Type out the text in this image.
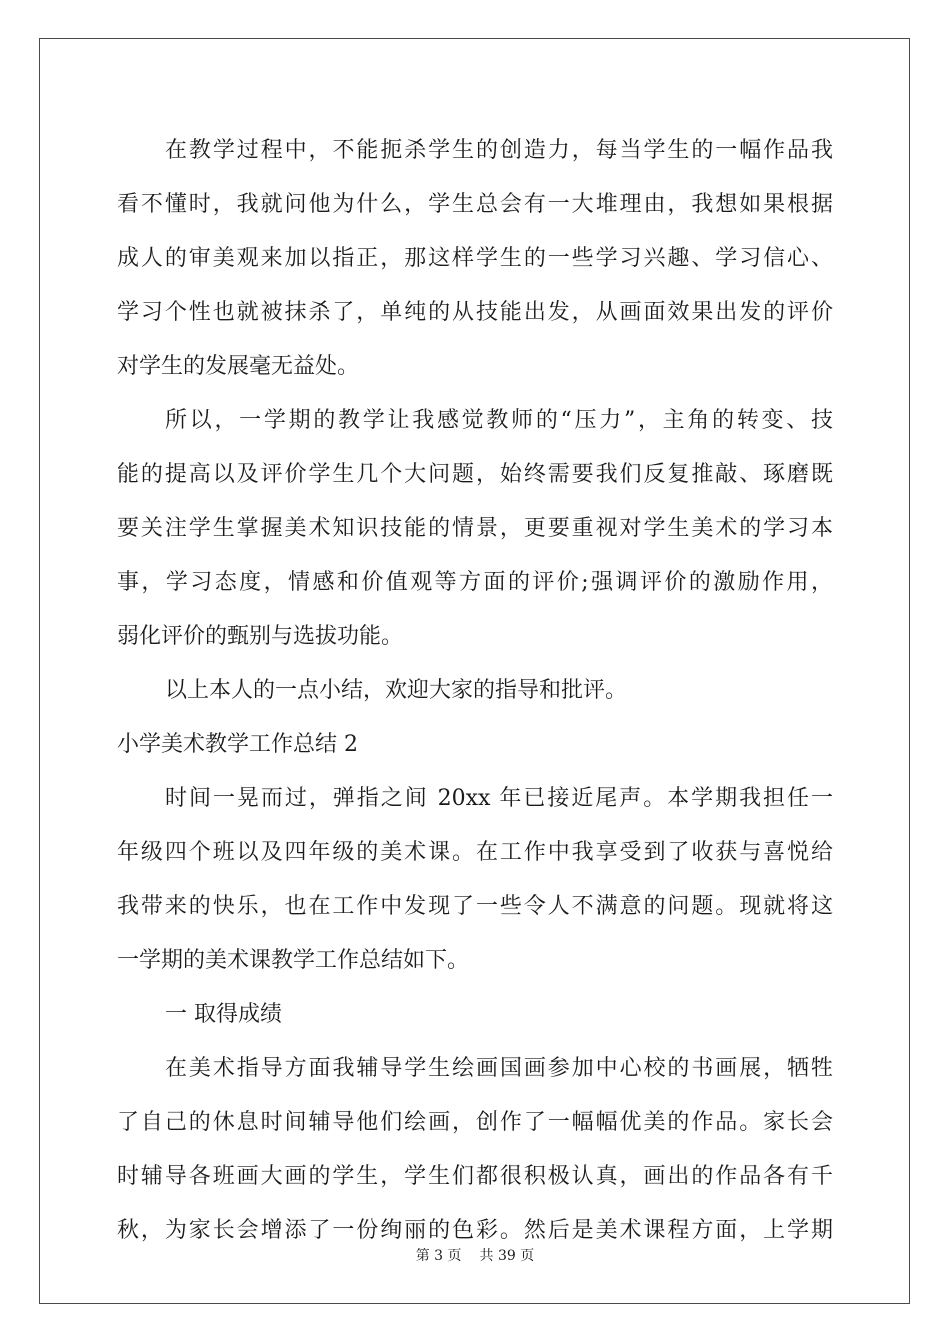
在教学过程中，不能扼杀学生的创造力，每当学生的一幅作品我
看不懂时，我就问他为什么，学生总会有一大堆理由，我想如果根据
成人的审美观来加以指正，那这样学生的一些学习兴趣、学习信心、
学习个性也就被抹杀了，单纯的从技能出发，从画面效果出发的评价
对学生的发展毫无益处。
所以，一学期的教学让我感觉教师的“压力”，主角的转变、技
能的提高以及评价学生几个大问题，始终需要我们反复推敲、琢磨既
要关注学生掌握美术知识技能的情景，更要重视对学生美术的学习本
事，学习态度，情感和价值观等方面的评价;强调评价的激励作用，
弱化评价的甄别与选拔功能。
以上本人的一点小结，欢迎大家的指导和批评。
小学美术教学工作总结 2
时间一晃而过，弹指之间 20xx 年已接近尾声。本学期我担任一
年级四个班以及四年级的美术课。在工作中我享受到了收获与喜悦给
我带来的快乐，也在工作中发现了一些令人不满意的问题。现就将这
一学期的美术课教学工作总结如下。
一 取得成绩
在美术指导方面我辅导学生绘画国画参加中心校的书画展，牺牲
了自己的休息时间辅导他们绘画，创作了一幅幅优美的作品。家长会
时辅导各班画大画的学生，学生们都很积极认真，画出的作品各有千
秋，为家长会增添了一份绚丽的色彩。然后是美术课程方面，上学期
第 3 页 共 39 页
